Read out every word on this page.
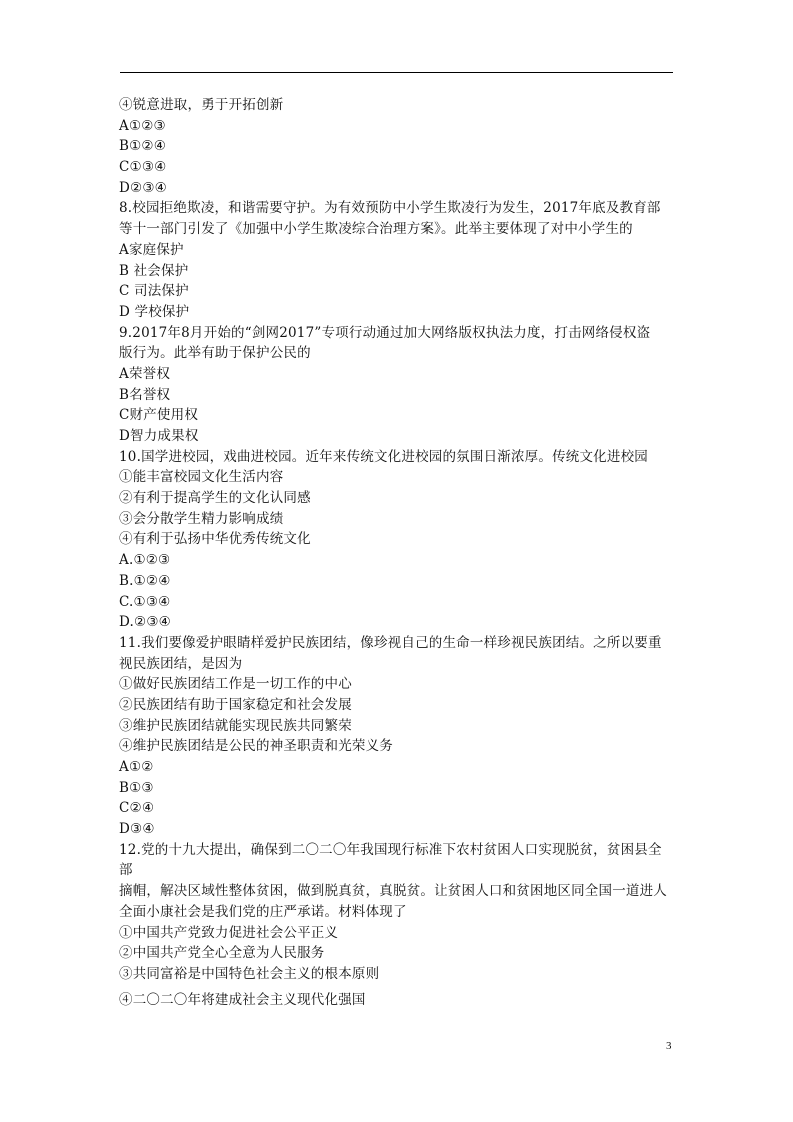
④锐意进取，勇于开拓创新
A①②③
B①②④
C①③④
D②③④
8.校园拒绝欺凌，和谐需要守护。为有效预防中小学生欺凌行为发生，2017年底及教育部
等十一部门引发了《加强中小学生欺凌综合治理方案》。此举主要体现了对中小学生的
A家庭保护
B 社会保护
C 司法保护
D 学校保护
9.2017年8月开始的“剑网2017”专项行动通过加大网络版权执法力度，打击网络侵权盗
版行为。此举有助于保护公民的
A荣誉权
B名誉权
C财产使用权
D智力成果权
10.国学进校园，戏曲进校园。近年来传统文化进校园的氛围日渐浓厚。传统文化进校园
①能丰富校园文化生活内容
②有利于提高学生的文化认同感
③会分散学生精力影响成绩
④有利于弘扬中华优秀传统文化
A.①②③
B.①②④
C.①③④
D.②③④
11.我们要像爱护眼睛样爱护民族团结，像珍视自己的生命一样珍视民族团结。之所以要重
视民族团结，是因为
①做好民族团结工作是一切工作的中心
②民族团结有助于国家稳定和社会发展
③维护民族团结就能实现民族共同繁荣
④维护民族团结是公民的神圣职责和光荣义务
A①②
B①③
C②④
D③④
12.党的十九大提出，确保到二〇二〇年我国现行标准下农村贫困人口实现脱贫，贫困县全
部
摘帽，解决区域性整体贫困，做到脱真贫，真脱贫。让贫困人口和贫困地区同全国一道进人
全面小康社会是我们党的庄严承诺。材料体现了
①中国共产党致力促进社会公平正义
②中国共产党全心全意为人民服务
③共同富裕是中国特色社会主义的根本原则
④二〇二〇年将建成社会主义现代化强国
3
